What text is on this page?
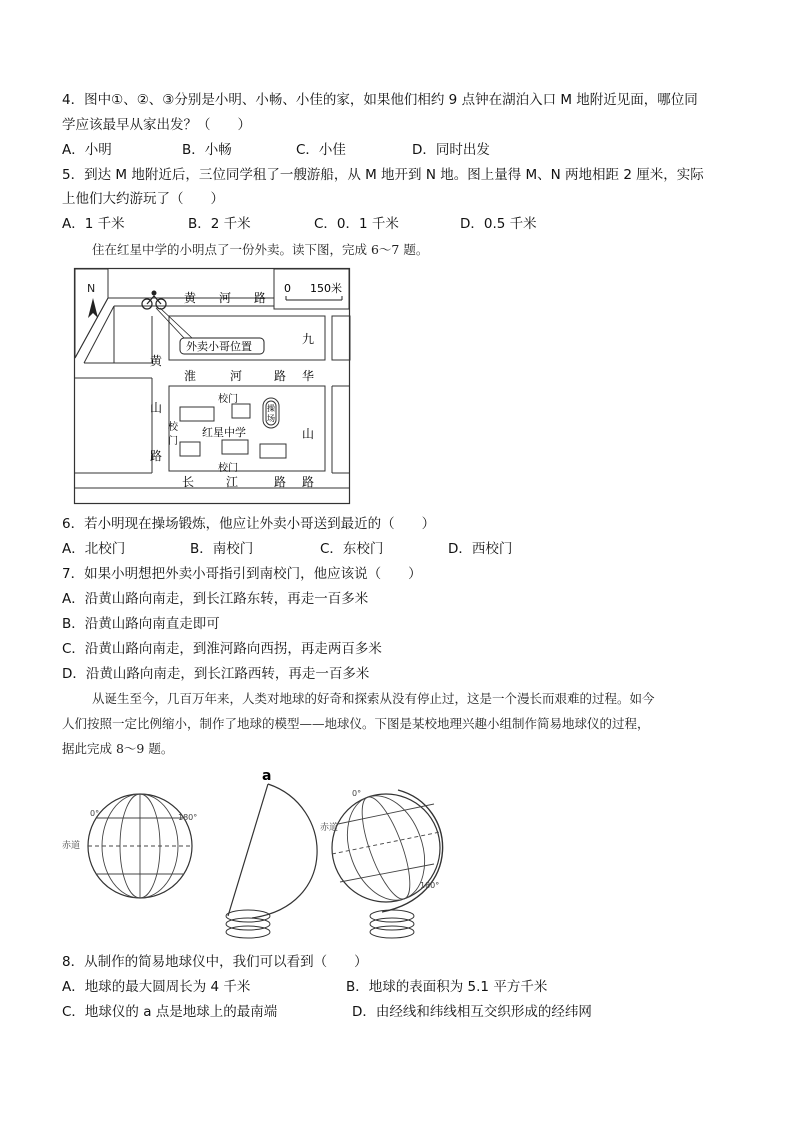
4．图中①、②、③分别是小明、小畅、小佳的家，如果他们相约 9 点钟在湖泊入口 M 地附近见面，哪位同
学应该最早从家出发？（　　）
A．小明	B．小畅	C．小佳	D．同时出发
5．到达 M 地附近后，三位同学租了一艘游船，从 M 地开到 N 地。图上量得 M、N 两地相距 2 厘米，实际
上他们大约游玩了（　　）
A．1 千米	B．2 千米	C．0．1 千米	D．0.5 千米
住在红星中学的小明点了一份外卖。读下图，完成 6～7 题。
N	0 150米
外卖小哥位置
黄 河 路
淮	河	路
长	江	路 路
黄
山
路
九
华
山
校门
操
场
校
门
红星中学
校门
6．若小明现在操场锻炼，他应让外卖小哥送到最近的（　　）
A．北校门	B．南校门	C．东校门	D．西校门
7．如果小明想把外卖小哥指引到南校门，他应该说（　　）
A．沿黄山路向南走，到长江路东转，再走一百多米
B．沿黄山路向南直走即可
C．沿黄山路向南走，到淮河路向西拐，再走两百多米
D．沿黄山路向南走，到长江路西转，再走一百多米
从诞生至今，几百万年来，人类对地球的好奇和探索从没有停止过，这是一个漫长而艰难的过程。如今
人们按照一定比例缩小，制作了地球的模型——地球仪。下图是某校地理兴趣小组制作简易地球仪的过程，
据此完成 8～9 题。
0°	180°
赤道
a
0°
180°
赤道
8．从制作的简易地球仪中，我们可以看到（　　）
A．地球的最大圆周长为 4 千米	B．地球的表面积为 5.1 平方千米
C．地球仪的 a 点是地球上的最南端	D．由经线和纬线相互交织形成的经纬网
